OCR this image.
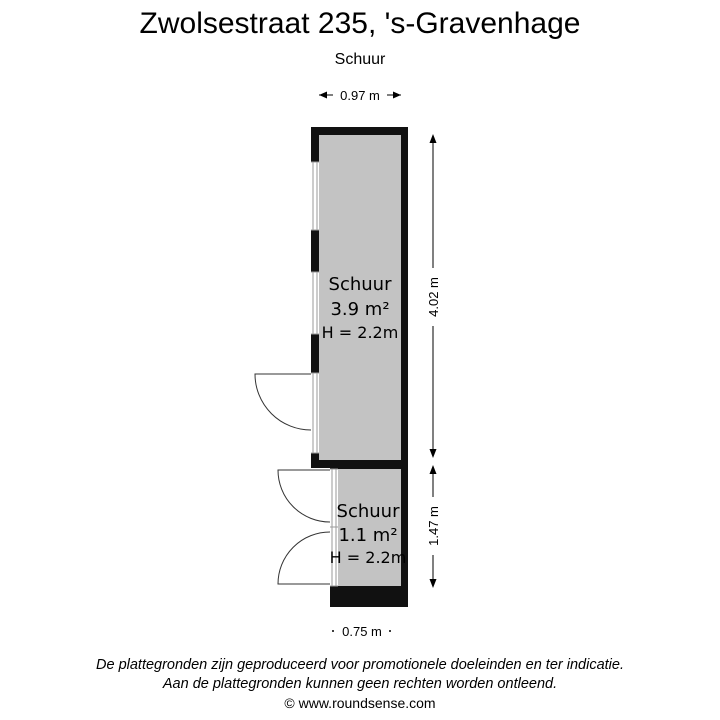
Zwolsestraat 235, 's-Gravenhage
Schuur
Schuur
3.9 m²
H = 2.2m
Schuur
1.1 m²
H = 2.2m
0.97 m
4.02 m
1.47 m
0.75 m
De plattegronden zijn geproduceerd voor promotionele doeleinden en ter indicatie.
Aan de plattegronden kunnen geen rechten worden ontleend.
© www.roundsense.com
